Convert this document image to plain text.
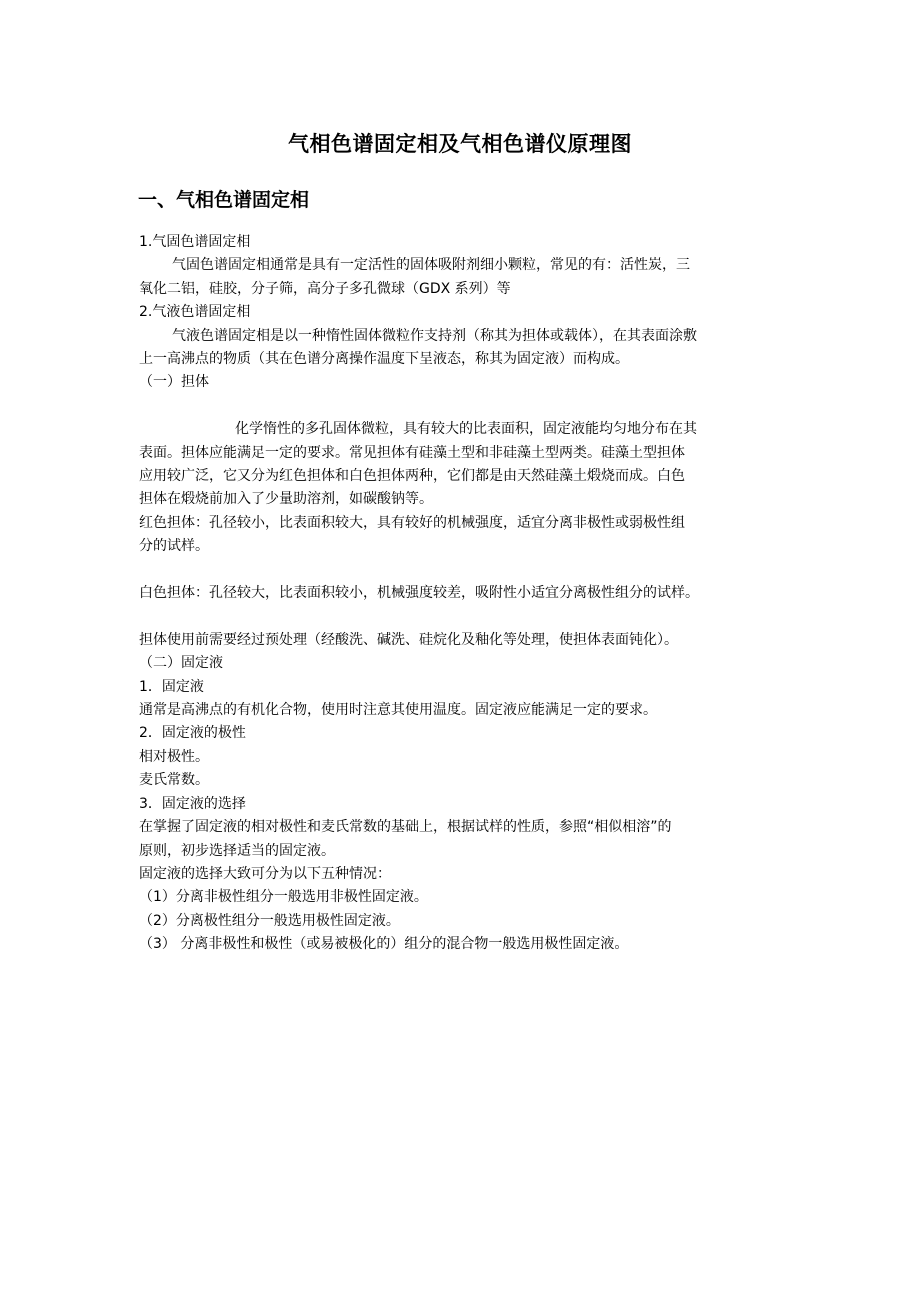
气相色谱固定相及气相色谱仪原理图
一、气相色谱固定相

1.气固色谱固定相

气固色谱固定相通常是具有一定活性的固体吸附剂细小颗粒，常见的有：活性炭，三

氧化二铝，硅胶，分子筛，高分子多孔微球（GDX 系列）等

2.气液色谱固定相

气液色谱固定相是以一种惰性固体微粒作支持剂（称其为担体或载体），在其表面涂敷

上一高沸点的物质（其在色谱分离操作温度下呈液态，称其为固定液）而构成。

（一）担体

化学惰性的多孔固体微粒，具有较大的比表面积，固定液能均匀地分布在其

表面。担体应能满足一定的要求。常见担体有硅藻土型和非硅藻土型两类。硅藻土型担体

应用较广泛，它又分为红色担体和白色担体两种，它们都是由天然硅藻土煅烧而成。白色

担体在煅烧前加入了少量助溶剂，如碳酸钠等。

红色担体：孔径较小，比表面积较大，具有较好的机械强度，适宜分离非极性或弱极性组

分的试样。

白色担体：孔径较大，比表面积较小，机械强度较差，吸附性小适宜分离极性组分的试样。

担体使用前需要经过预处理（经酸洗、碱洗、硅烷化及釉化等处理，使担体表面钝化）。

（二）固定液

1．固定液

通常是高沸点的有机化合物，使用时注意其使用温度。固定液应能满足一定的要求。

2．固定液的极性

相对极性。

麦氏常数。

3．固定液的选择

在掌握了固定液的相对极性和麦氏常数的基础上，根据试样的性质，参照“相似相溶”的

原则，初步选择适当的固定液。

固定液的选择大致可分为以下五种情况：

（1）分离非极性组分一般选用非极性固定液。

（2）分离极性组分一般选用极性固定液。

（3） 分离非极性和极性（或易被极化的）组分的混合物一般选用极性固定液。
